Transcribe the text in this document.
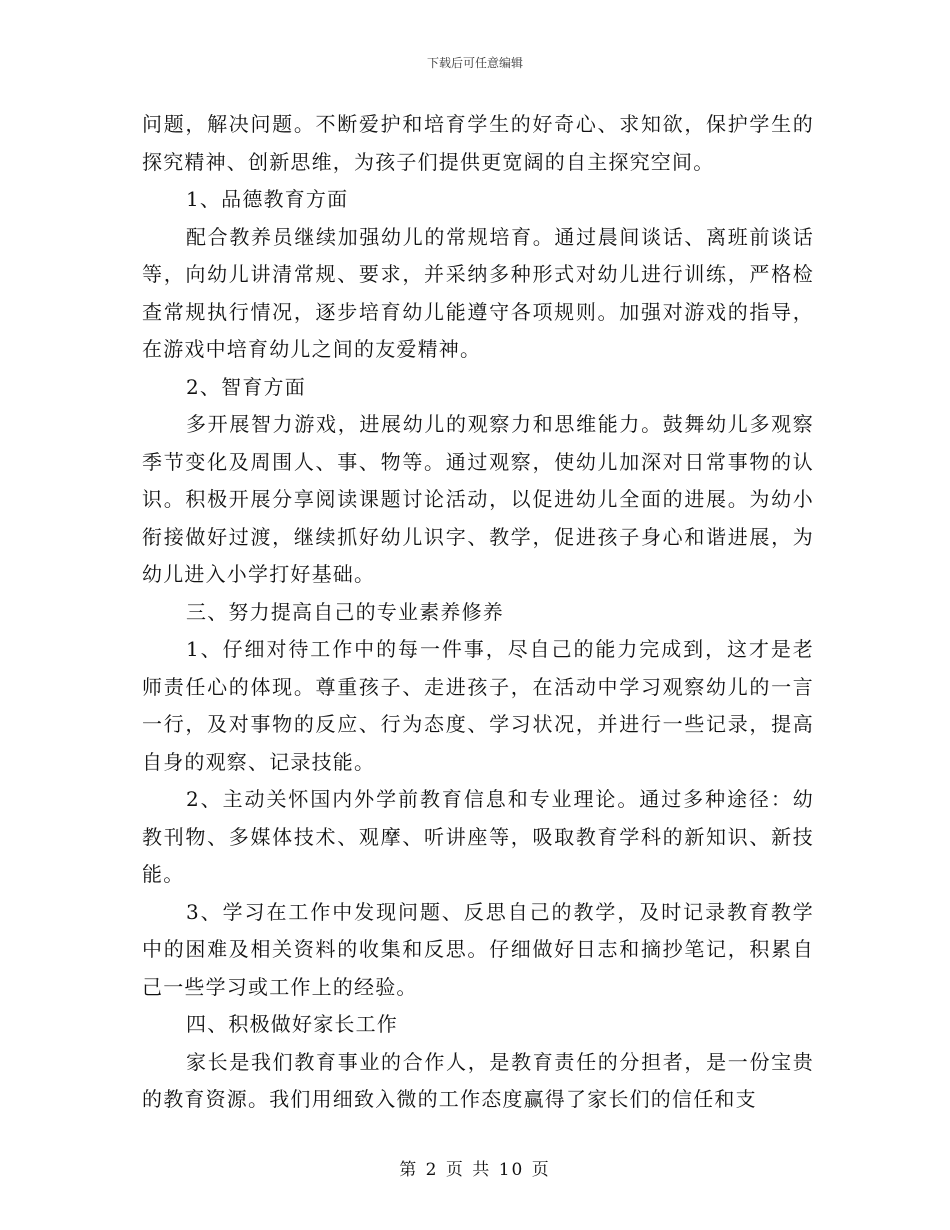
下载后可任意编辑

问题，解决问题。不断爱护和培育学生的好奇心、求知欲，保护学生的探究精神、创新思维，为孩子们提供更宽阔的自主探究空间。

1、品德教育方面

配合教养员继续加强幼儿的常规培育。通过晨间谈话、离班前谈话等，向幼儿讲清常规、要求，并采纳多种形式对幼儿进行训练，严格检查常规执行情况，逐步培育幼儿能遵守各项规则。加强对游戏的指导，在游戏中培育幼儿之间的友爱精神。

2、智育方面

多开展智力游戏，进展幼儿的观察力和思维能力。鼓舞幼儿多观察季节变化及周围人、事、物等。通过观察，使幼儿加深对日常事物的认识。积极开展分享阅读课题讨论活动，以促进幼儿全面的进展。为幼小衔接做好过渡，继续抓好幼儿识字、教学，促进孩子身心和谐进展，为幼儿进入小学打好基础。

三、努力提高自己的专业素养修养

1、仔细对待工作中的每一件事，尽自己的能力完成到，这才是老师责任心的体现。尊重孩子、走进孩子，在活动中学习观察幼儿的一言一行，及对事物的反应、行为态度、学习状况，并进行一些记录，提高自身的观察、记录技能。

2、主动关怀国内外学前教育信息和专业理论。通过多种途径：幼教刊物、多媒体技术、观摩、听讲座等，吸取教育学科的新知识、新技能。

3、学习在工作中发现问题、反思自己的教学，及时记录教育教学中的困难及相关资料的收集和反思。仔细做好日志和摘抄笔记，积累自己一些学习或工作上的经验。

四、积极做好家长工作

家长是我们教育事业的合作人，是教育责任的分担者，是一份宝贵的教育资源。我们用细致入微的工作态度赢得了家长们的信任和支

第 2 页 共 10 页
